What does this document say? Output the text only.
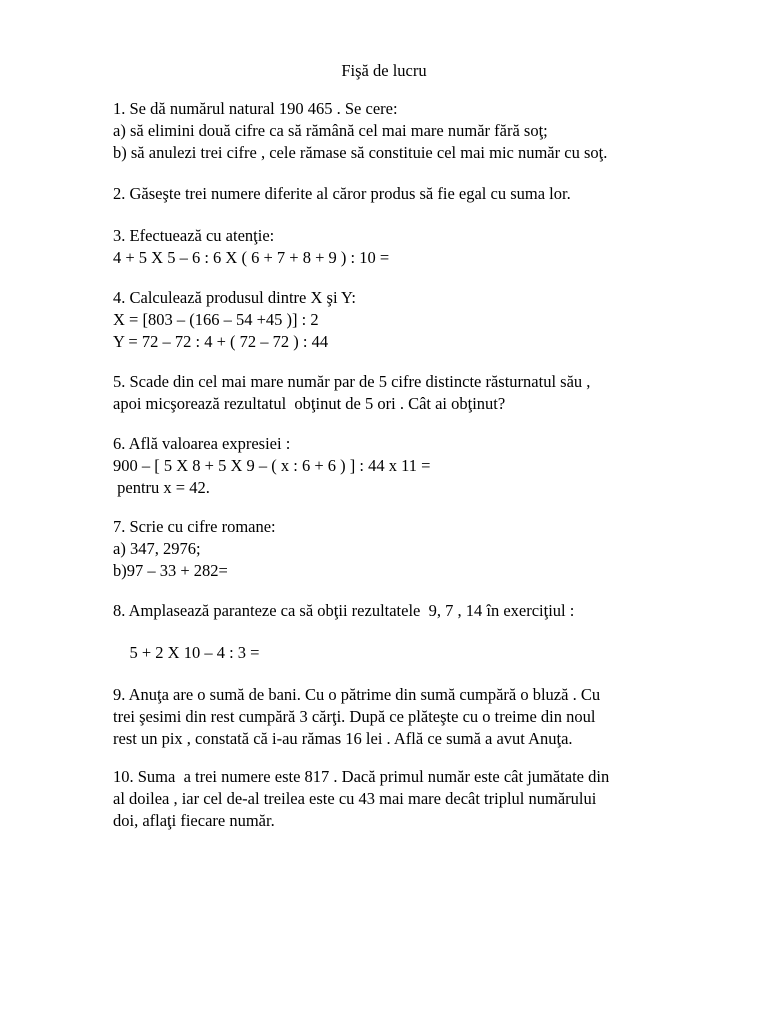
Fişă de lucru
1. Se dă numărul natural 190 465 . Se cere:
a) să elimini două cifre ca să rămână cel mai mare număr fără soţ;
b) să anulezi trei cifre , cele rămase să constituie cel mai mic număr cu soţ.
2. Găseşte trei numere diferite al căror produs să fie egal cu suma lor.
3. Efectuează cu atenţie:
4 + 5 X 5 – 6 : 6 X ( 6 + 7 + 8 + 9 ) : 10 =
4. Calculează produsul dintre X şi Y:
X = [803 – (166 – 54 +45 )] : 2
Y = 72 – 72 : 4 + ( 72 – 72 ) : 44
5. Scade din cel mai mare număr par de 5 cifre distincte răsturnatul său ,
apoi micşorează rezultatul  obţinut de 5 ori . Cât ai obţinut?
6. Află valoarea expresiei :
900 – [ 5 X 8 + 5 X 9 – ( x : 6 + 6 ) ] : 44 x 11 =
pentru x = 42.
7. Scrie cu cifre romane:
a) 347, 2976;
b)97 – 33 + 282=
8. Amplasează paranteze ca să obţii rezultatele  9, 7 , 14 în exerciţiul :
5 + 2 X 10 – 4 : 3 =
9. Anuţa are o sumă de bani. Cu o pătrime din sumă cumpără o bluză . Cu
trei şesimi din rest cumpără 3 cărţi. După ce plăteşte cu o treime din noul
rest un pix , constată că i-au rămas 16 lei . Află ce sumă a avut Anuţa.
10. Suma  a trei numere este 817 . Dacă primul număr este cât jumătate din
al doilea , iar cel de-al treilea este cu 43 mai mare decât triplul numărului
doi, aflaţi fiecare număr.
